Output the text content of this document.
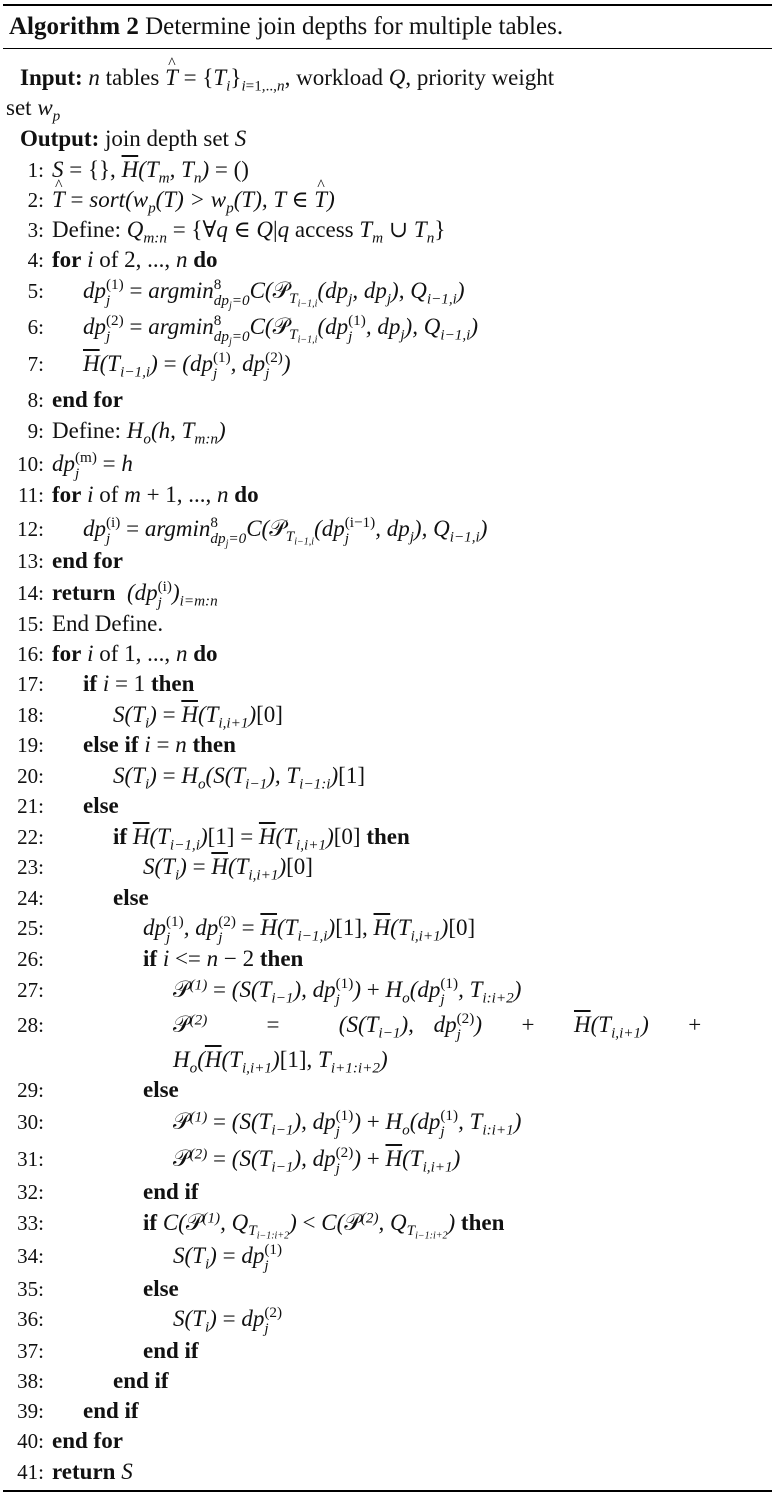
Algorithm 2 Determine join depths for multiple tables.
Input: n tables ^ $T = \{T_i\}_{i=1,..,n}$, workload Q, priority weight
set $w_p$
Output: join depth set S
1: S = {}, $\overline{H}(T_m$, $T_n$) = ()
2: ^ $T = sort(w_p(T) > w_p(T)$, T ∈ ^ T)
3: Define: $Q_{m:n}$ = {∀q ∈ Q|q access $T_m$ ∪ $T_n$}
4: for i of 2, ..., n do
5: dp (1)
j = argmin 8
$dp_j=0$ $C(𝒫_{T_{i-1,i}}(dp_j$, $dp_j$), $Q_{i-1,i}$)
6: dp (2)
j = argmin 8
$dp_j=0$ C(𝒫$_{T_{i-1,i}}$(dp (1)
j , $dp_j$), $Q_{i-1,i}$)
7: $\overline{H}(T_{i-1,i}) = (dp$ (1)
j , dp (2)
j )
8: end for
9: Define: $H_o(h$, $T_{m:n}$)
10: dp (m)
j	= h
11: for i of m + 1, ..., n do
12: dp (i)
j = argmin 8
$dp_j=0$ C(𝒫$_{T_{i-1,i}}$(dp (i−1)
j	, $dp_j$), $Q_{i-1,i}$)
13: end for
14: return (dp (i)
j )$_{i=m:n}$
15: End Define.
16: for i of 1, ..., n do
17: if i = 1 then
18:	$S(T_i) = \overline{H}(T_{i,i+1})[0]$
19: else if i = n then
20:	$S(T_i) = H_o(S(T_{i-1})$, $T_{i-1:i})[1]$
21: else
22:	if $\overline{H}(T_{i-1,i})[1] = \overline{H}(T_{i,i+1})[0]$ then
23:	$S(T_i) = \overline{H}(T_{i,i+1})[0]$
24:	else
25:	dp (1)
j , dp (2)
$j = \overline{H}(T_{i-1,i})[1]$, $\overline{H}(T_{i,i+1})[0]$
26:	if i <= n − 2 then
27:	𝒫$^{(1)}$ = ($S(T_{i-1})$, dp (1)
j ) + $H_o(dp$ (1)
j , $T_{i:i+2}$)
28:	𝒫$^{(2)}$	=   ($S(T_{i-1})$, dp (2)
j )  + $\overline{H}(T_{i,i+1})$  +
$H_o(\overline{H}(T_{i,i+1})[1]$, $T_{i+1:i+2}$)
29:	else
30:	𝒫$^{(1)}$ = ($S(T_{i-1})$, dp (1)
j ) + $H_o(dp$ (1)
j , $T_{i:i+1}$)
31:	𝒫$^{(2)}$ = ($S(T_{i-1})$, dp (2)
j ) + $\overline{H}(T_{i,i+1})$
32:	end if
33:	if C(𝒫$^{(1)}$, $Q_{T_{i-1:i+2}}$) < C(𝒫$^{(2)}$, $Q_{T_{i-1:i+2}}$) then
34:	$S(T_i)$ = dp (1)
j
35:	else
36:	$S(T_i)$ = dp (2)
j
37:	end if
38:	end if
39: end if
40: end for
41: return S
